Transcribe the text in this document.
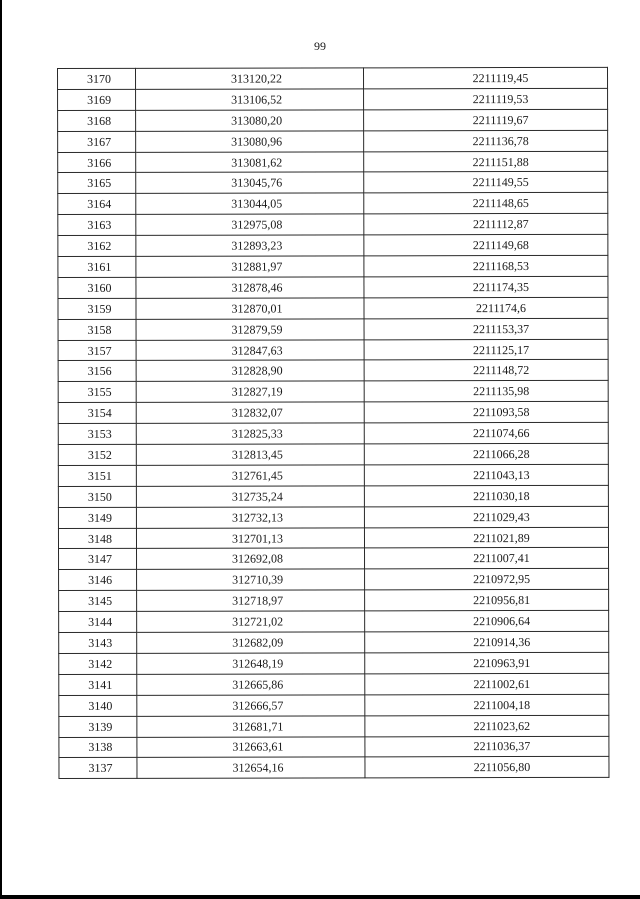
99
3170	313120,22	2211119,45
3169	313106,52	2211119,53
3168	313080,20	2211119,67
3167	313080,96	2211136,78
3166	313081,62	2211151,88
3165	313045,76	2211149,55
3164	313044,05	2211148,65
3163	312975,08	2211112,87
3162	312893,23	2211149,68
3161	312881,97	2211168,53
3160	312878,46	2211174,35
3159	312870,01	2211174,6
3158	312879,59	2211153,37
3157	312847,63	2211125,17
3156	312828,90	2211148,72
3155	312827,19	2211135,98
3154	312832,07	2211093,58
3153	312825,33	2211074,66
3152	312813,45	2211066,28
3151	312761,45	2211043,13
3150	312735,24	2211030,18
3149	312732,13	2211029,43
3148	312701,13	2211021,89
3147	312692,08	2211007,41
3146	312710,39	2210972,95
3145	312718,97	2210956,81
3144	312721,02	2210906,64
3143	312682,09	2210914,36
3142	312648,19	2210963,91
3141	312665,86	2211002,61
3140	312666,57	2211004,18
3139	312681,71	2211023,62
3138	312663,61	2211036,37
3137	312654,16	2211056,80
